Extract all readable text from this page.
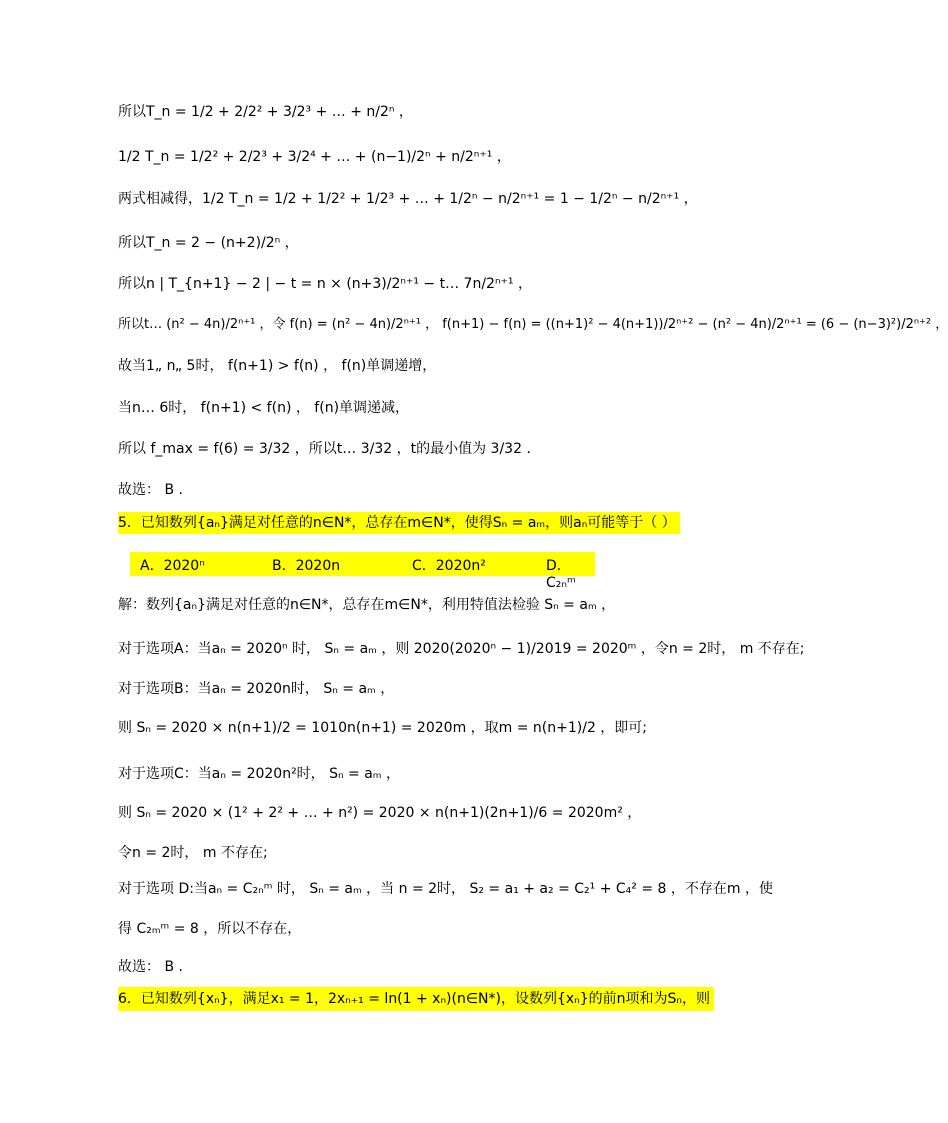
所以T_n = 1/2 + 2/2² + 3/2³ + … + n/2ⁿ ，
1/2 T_n = 1/2² + 2/2³ + 3/2⁴ + … + (n−1)/2ⁿ + n/2ⁿ⁺¹ ，
两式相减得，1/2 T_n = 1/2 + 1/2² + 1/2³ + … + 1/2ⁿ − n/2ⁿ⁺¹ = 1 − 1/2ⁿ − n/2ⁿ⁺¹ ，
所以T_n = 2 − (n+2)/2ⁿ ，
所以n | T_{n+1} − 2 | − t = n × (n+3)/2ⁿ⁺¹ − t… 7n/2ⁿ⁺¹ ，
所以t… (n² − 4n)/2ⁿ⁺¹ ，令 f(n) = (n² − 4n)/2ⁿ⁺¹ ， f(n+1) − f(n) = ((n+1)² − 4(n+1))/2ⁿ⁺² − (n² − 4n)/2ⁿ⁺¹ = (6 − (n−3)²)/2ⁿ⁺² ，
故当1„ n„ 5时， f(n+1) > f(n) ， f(n)单调递增，
当n… 6时， f(n+1) < f(n) ， f(n)单调递减，
所以 f_max = f(6) = 3/32 ，所以t… 3/32 ，t的最小值为 3/32 .
故选： B .
5．已知数列{aₙ}满足对任意的n∈N*，总存在m∈N*，使得Sₙ = aₘ，则aₙ可能等于（ ）
A．2020ⁿ	B．2020n	C．2020n²	D．C₂ₙᵐ
解：数列{aₙ}满足对任意的n∈N*，总存在m∈N*，利用特值法检验 Sₙ = aₘ ，
对于选项A：当aₙ = 2020ⁿ 时， Sₙ = aₘ ，则 2020(2020ⁿ − 1)/2019 = 2020ᵐ ，令n = 2时， m 不存在;
对于选项B：当aₙ = 2020n时， Sₙ = aₘ ，
则 Sₙ = 2020 × n(n+1)/2 = 1010n(n+1) = 2020m ，取m = n(n+1)/2 ，即可;
对于选项C：当aₙ = 2020n²时， Sₙ = aₘ ，
则 Sₙ = 2020 × (1² + 2² + … + n²) = 2020 × n(n+1)(2n+1)/6 = 2020m² ，
令n = 2时， m 不存在;
对于选项 D:当aₙ = C₂ₙᵐ 时， Sₙ = aₘ ，当 n = 2时， S₂ = a₁ + a₂ = C₂¹ + C₄² = 8 ，不存在m ，使
得 C₂ₘᵐ = 8 ，所以不存在，
故选： B .
6．已知数列{xₙ}，满足x₁ = 1，2xₙ₊₁ = ln(1 + xₙ)(n∈N*)，设数列{xₙ}的前n项和为Sₙ，则
